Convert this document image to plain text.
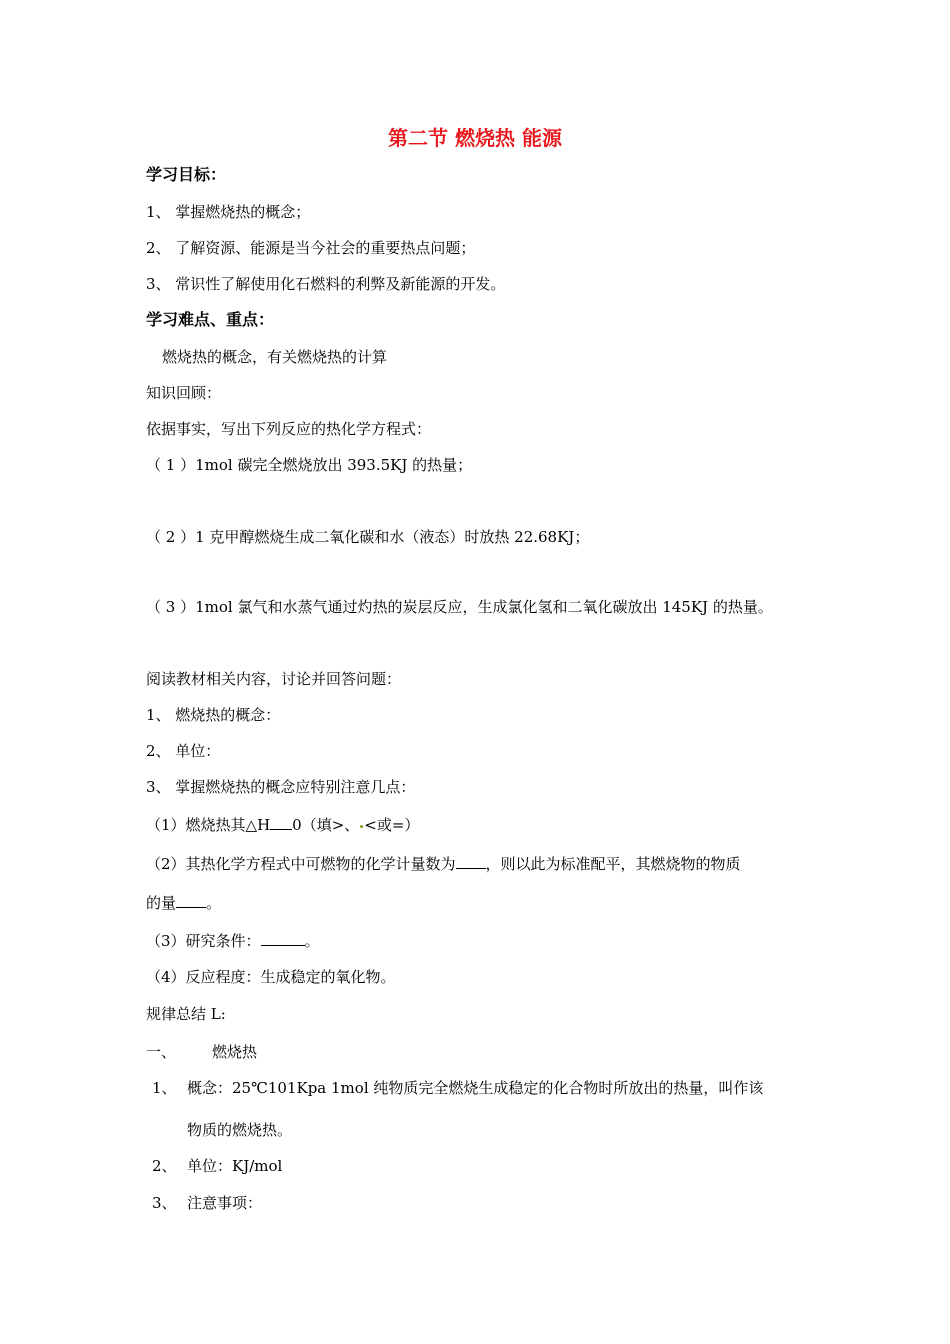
第二节 燃烧热 能源
学习目标：
1、 掌握燃烧热的概念；
2、 了解资源、能源是当今社会的重要热点问题；
3、 常识性了解使用化石燃料的利弊及新能源的开发。
学习难点、重点：
燃烧热的概念，有关燃烧热的计算
知识回顾：
依据事实，写出下列反应的热化学方程式：
（ 1 ）1mol 碳完全燃烧放出 393.5KJ 的热量；
（ 2 ）1 克甲醇燃烧生成二氧化碳和水（液态）时放热 22.68KJ；
（ 3 ）1mol 氯气和水蒸气通过灼热的炭层反应，生成氯化氢和二氧化碳放出 145KJ 的热量。
阅读教材相关内容，讨论并回答问题：
1、 燃烧热的概念：
2、 单位：
3、 掌握燃烧热的概念应特别注意几点：
（1）燃烧热其△H 0（填>、 <或=）
（2）其热化学方程式中可燃物的化学计量数为 ，则以此为标准配平，其燃烧物的物质
的量 。
（3）研究条件：	。
（4）反应程度：生成稳定的氧化物。
规律总结 L:
一、 燃烧热
1、 概念：25℃101Kpa 1mol 纯物质完全燃烧生成稳定的化合物时所放出的热量，叫作该
物质的燃烧热。
2、 单位：KJ/mol
3、 注意事项：
